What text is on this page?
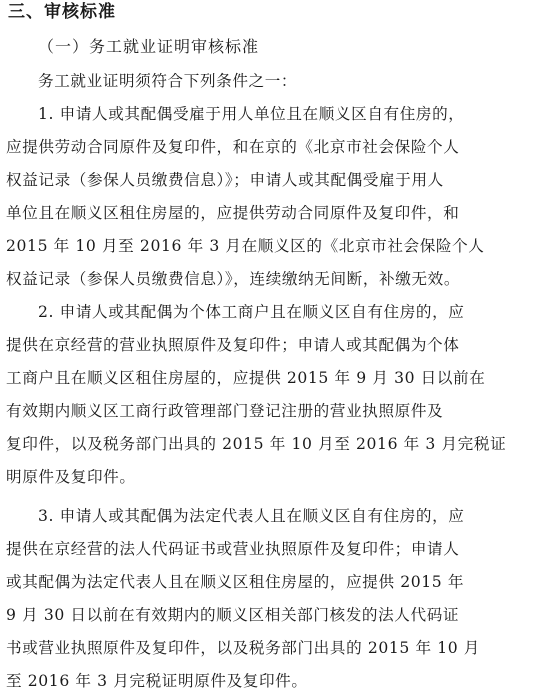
三、审核标准
（一）务工就业证明审核标准
务工就业证明须符合下列条件之一：
1. 申请人或其配偶受雇于用人单位且在顺义区自有住房的，
应提供劳动合同原件及复印件，和在京的《北京市社会保险个人
权益记录（参保人员缴费信息）》；申请人或其配偶受雇于用人
单位且在顺义区租住房屋的，应提供劳动合同原件及复印件，和
2015 年 10 月至 2016 年 3 月在顺义区的《北京市社会保险个人
权益记录（参保人员缴费信息）》，连续缴纳无间断，补缴无效。
2. 申请人或其配偶为个体工商户且在顺义区自有住房的，应
提供在京经营的营业执照原件及复印件；申请人或其配偶为个体
工商户且在顺义区租住房屋的，应提供 2015 年 9 月 30 日以前在
有效期内顺义区工商行政管理部门登记注册的营业执照原件及
复印件，以及税务部门出具的 2015 年 10 月至 2016 年 3 月完税证
明原件及复印件。
3. 申请人或其配偶为法定代表人且在顺义区自有住房的，应
提供在京经营的法人代码证书或营业执照原件及复印件；申请人
或其配偶为法定代表人且在顺义区租住房屋的，应提供 2015 年
9 月 30 日以前在有效期内的顺义区相关部门核发的法人代码证
书或营业执照原件及复印件，以及税务部门出具的 2015 年 10 月
至 2016 年 3 月完税证明原件及复印件。
